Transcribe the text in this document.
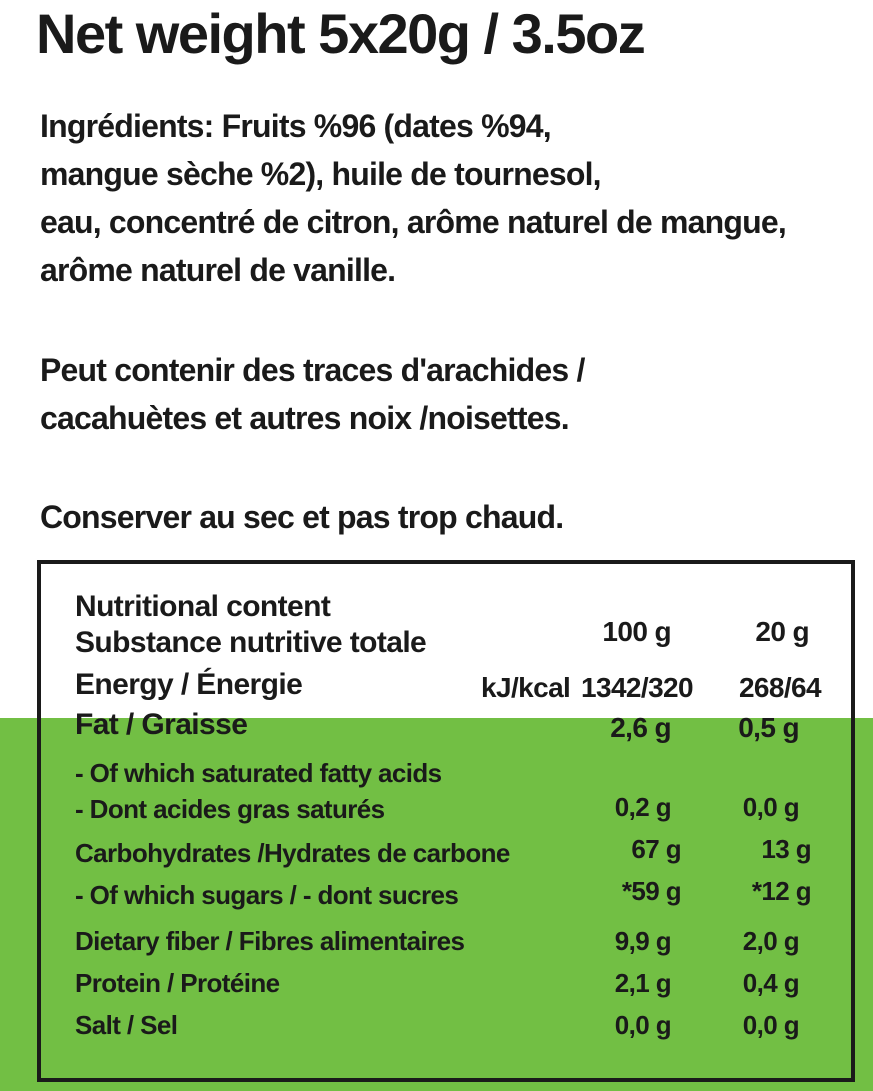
Net weight 5x20g / 3.5oz
Ingrédients: Fruits %96 (dates %94,
mangue sèche %2), huile de tournesol,
eau, concentré de citron, arôme naturel de mangue,
arôme naturel de vanille.
Peut contenir des traces d'arachides /
cacahuètes et autres noix /noisettes.
Conserver au sec et pas trop chaud.
Nutritional content
Substance nutritive totale	100 g	20 g
Energy / Énergie	kJ/kcal 1342/320 268/64
Fat / Graisse	2,6 g 0,5 g
- Of which saturated fatty acids
- Dont acides gras saturés	0,2 g	0,0 g
Carbohydrates /Hydrates de carbone	67 g	13 g
- Of which sugars / - dont sucres	*59 g	*12 g
Dietary fiber / Fibres alimentaires	9,9 g	2,0 g
Protein / Protéine	2,1 g	0,4 g
Salt / Sel	0,0 g	0,0 g
